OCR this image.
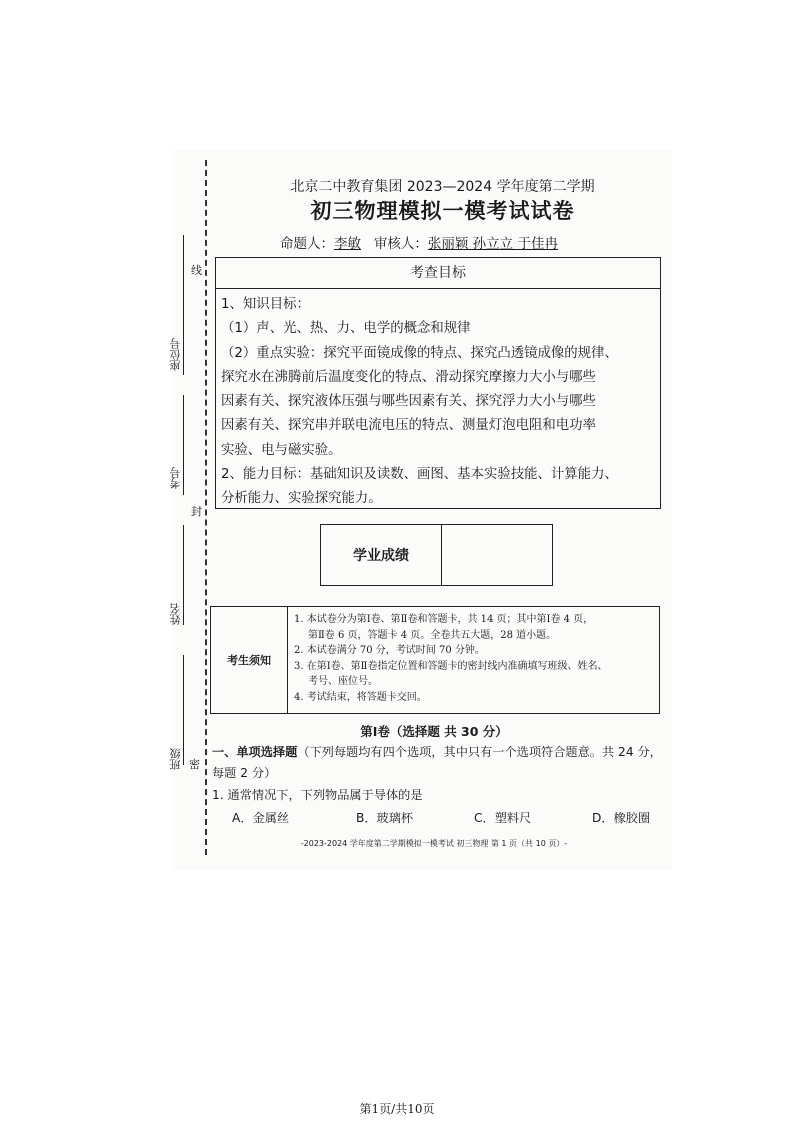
座位号
考号
姓名
班级
线
封
密
北京二中教育集团 2023—2024 学年度第二学期
初三物理模拟一模考试试卷
命题人：李敏 审核人：张丽颖 孙立立 于佳冉
考查目标
1、知识目标：
（1）声、光、热、力、电学的概念和规律
（2）重点实验：探究平面镜成像的特点、探究凸透镜成像的规律、
探究水在沸腾前后温度变化的特点、滑动探究摩擦力大小与哪些
因素有关、探究液体压强与哪些因素有关、探究浮力大小与哪些
因素有关、探究串并联电流电压的特点、测量灯泡电阻和电功率
实验、电与磁实验。
2、能力目标：基础知识及读数、画图、基本实验技能、计算能力、
分析能力、实验探究能力。
学业成绩
考生须知
1. 本试卷分为第Ⅰ卷、第Ⅱ卷和答题卡，共 14 页；其中第Ⅰ卷 4 页，
第Ⅱ卷 6 页，答题卡 4 页。全卷共五大题，28 道小题。
2. 本试卷满分 70 分，考试时间 70 分钟。
3. 在第Ⅰ卷、第Ⅱ卷指定位置和答题卡的密封线内准确填写班级、姓名、
考号、座位号。
4. 考试结束，将答题卡交回。
第Ⅰ卷（选择题 共 30 分）
一、单项选择题（下列每题均有四个选项，其中只有一个选项符合题意。共 24 分，每题 2 分）
1. 通常情况下，下列物品属于导体的是
A．金属丝	B．玻璃杯	C．塑料尺	D．橡胶圈
-2023-2024 学年度第二学期模拟一模考试 初三物理 第 1 页（共 10 页）-
第1页/共10页
